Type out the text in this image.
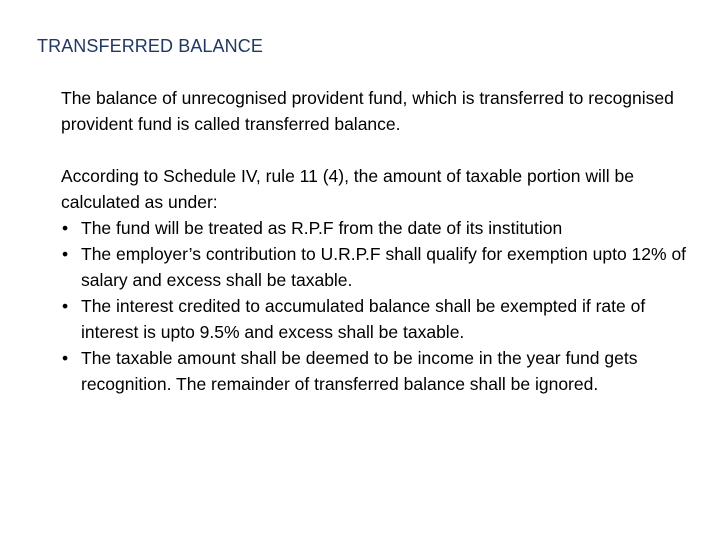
TRANSFERRED BALANCE

The balance of unrecognised provident fund, which is transferred to recognised provident fund is called transferred balance.

According to Schedule IV, rule 11 (4), the amount of taxable portion will be calculated as under:

• The fund will be treated as R.P.F from the date of its institution
• The employer’s contribution to U.R.P.F shall qualify for exemption upto 12% of salary and excess shall be taxable.
• The interest credited to accumulated balance shall be exempted if rate of interest is upto 9.5% and excess shall be taxable.
• The taxable amount shall be deemed to be income in the year fund gets recognition. The remainder of transferred balance shall be ignored.
